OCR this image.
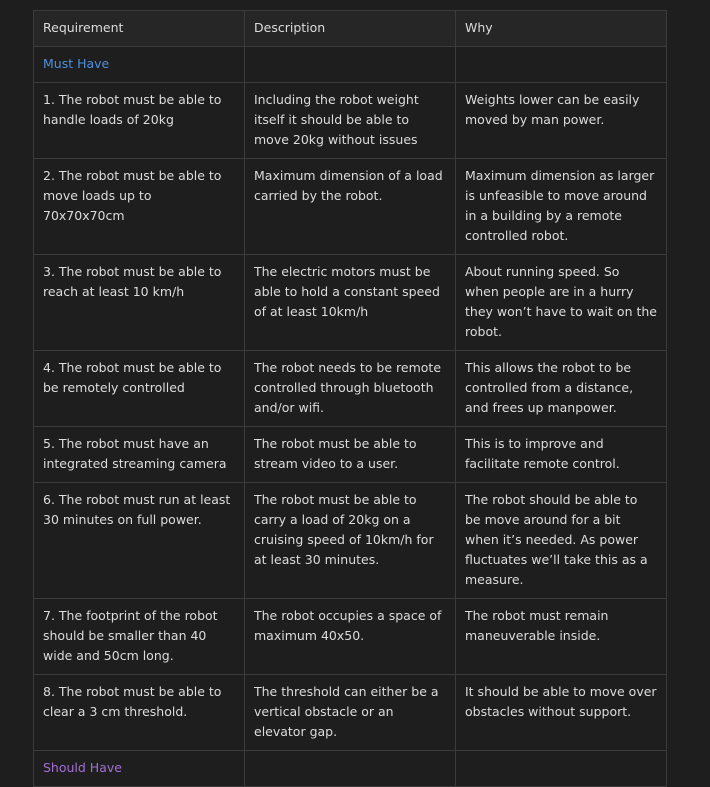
Requirement	Description	Why
Must Have		
1. The robot must be able to handle loads of 20kg	Including the robot weight itself it should be able to move 20kg without issues	Weights lower can be easily moved by man power.
2. The robot must be able to move loads up to 70x70x70cm	Maximum dimension of a load carried by the robot.	Maximum dimension as larger is unfeasible to move around in a building by a remote controlled robot.
3. The robot must be able to reach at least 10 km/h	The electric motors must be able to hold a constant speed of at least 10km/h	About running speed. So when people are in a hurry they won’t have to wait on the robot.
4. The robot must be able to be remotely controlled	The robot needs to be remote controlled through bluetooth and/or wifi.	This allows the robot to be controlled from a distance, and frees up manpower.
5. The robot must have an integrated streaming camera	The robot must be able to stream video to a user.	This is to improve and facilitate remote control.
6. The robot must run at least 30 minutes on full power.	The robot must be able to carry a load of 20kg on a cruising speed of 10km/h for at least 30 minutes.	The robot should be able to be move around for a bit when it’s needed. As power fluctuates we’ll take this as a measure.
7. The footprint of the robot should be smaller than 40 wide and 50cm long.	The robot occupies a space of maximum 40x50.	The robot must remain maneuverable inside.
8. The robot must be able to clear a 3 cm threshold.	The threshold can either be a vertical obstacle or an elevator gap.	It should be able to move over obstacles without support.
Should Have		
